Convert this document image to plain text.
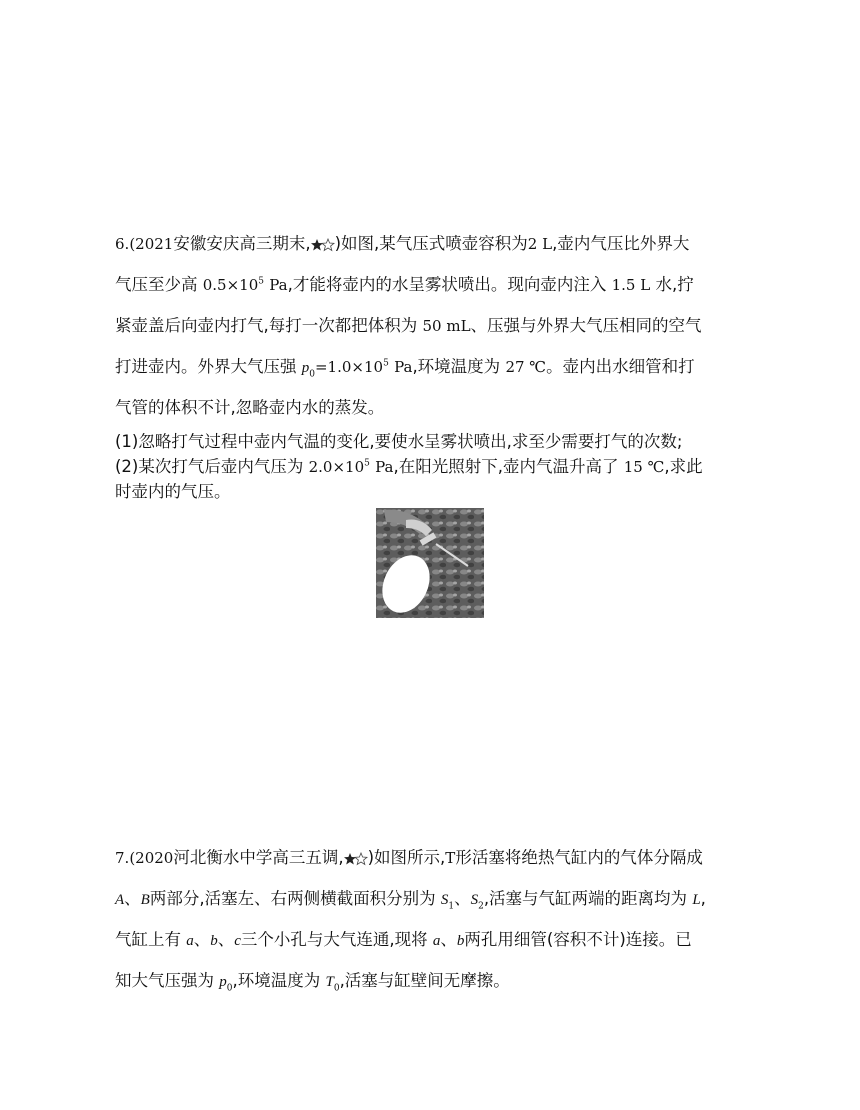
6.(2021安徽安庆高三期末, )如图,某气压式喷壶容积为2 L,壶内气压比外界大
气压至少高 $0.5\times 10^5$ Pa,才能将壶内的水呈雾状喷出。现向壶内注入 1.5 L 水,拧
紧壶盖后向壶内打气,每打一次都把体积为 50 mL、压强与外界大气压相同的空气
打进壶内。外界大气压强 $p_0=1.0\times 10^5$ Pa,环境温度为 27 ℃。壶内出水细管和打
气管的体积不计,忽略壶内水的蒸发。
(1)忽略打气过程中壶内气温的变化,要使水呈雾状喷出,求至少需要打气的次数;
(2)某次打气后壶内气压为 $2.0\times 10^5$ Pa,在阳光照射下,壶内气温升高了 15 ℃,求此
时壶内的气压。
7.(2020河北衡水中学高三五调, )如图所示,T形活塞将绝热气缸内的气体分隔成
A、B两部分,活塞左、右两侧横截面积分别为 $S_1$、$S_2$,活塞与气缸两端的距离均为 L,
气缸上有 a、b、c三个小孔与大气连通,现将 a、b两孔用细管(容积不计)连接。已
知大气压强为 $p_0$,环境温度为 $T_0$,活塞与缸壁间无摩擦。
